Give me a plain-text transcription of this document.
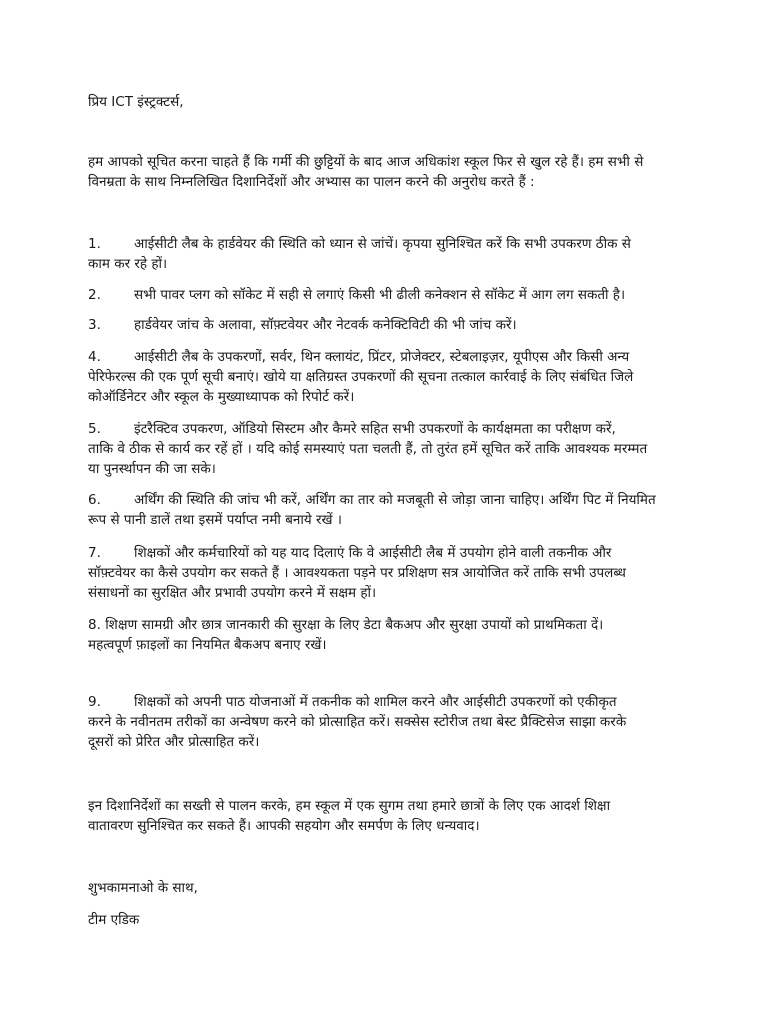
प्रिय ICT इंस्ट्रक्टर्स,
हम आपको सूचित करना चाहते हैं कि गर्मी की छुट्टियों के बाद आज अधिकांश स्कूल फिर से खुल रहे हैं। हम सभी से
विनम्रता के साथ निम्नलिखित दिशानिर्देशों और अभ्यास का पालन करने की अनुरोध करते हैं :
1. आईसीटी लैब के हार्डवेयर की स्थिति को ध्यान से जांचें। कृपया सुनिश्चित करें कि सभी उपकरण ठीक से
काम कर रहे हों।
2. सभी पावर प्लग को सॉकेट में सही से लगाएं किसी भी ढीली कनेक्शन से सॉकेट में आग लग सकती है।
3. हार्डवेयर जांच के अलावा, सॉफ़्टवेयर और नेटवर्क कनेक्टिविटी की भी जांच करें।
4. आईसीटी लैब के उपकरणों, सर्वर, थिन क्लायंट, प्रिंटर, प्रोजेक्टर, स्टेबलाइज़र, यूपीएस और किसी अन्य
पेरिफेरल्स की एक पूर्ण सूची बनाएं। खोये या क्षतिग्रस्त उपकरणों की सूचना तत्काल कार्रवाई के लिए संबंधित जिले
कोऑर्डिनेटर और स्कूल के मुख्याध्यापक को रिपोर्ट करें।
5. इंटरैक्टिव उपकरण, ऑडियो सिस्टम और कैमरे सहित सभी उपकरणों के कार्यक्षमता का परीक्षण करें,
ताकि वे ठीक से कार्य कर रहें हों । यदि कोई समस्याएं पता चलती हैं, तो तुरंत हमें सूचित करें ताकि आवश्यक मरम्मत
या पुनर्स्थापन की जा सके।
6. अर्थिंग की स्थिति की जांच भी करें, अर्थिंग का तार को मजबूती से जोड़ा जाना चाहिए। अर्थिंग पिट में नियमित
रूप से पानी डालें तथा इसमें पर्याप्त नमी बनाये रखें ।
7. शिक्षकों और कर्मचारियों को यह याद दिलाएं कि वे आईसीटी लैब में उपयोग होने वाली तकनीक और
सॉफ़्टवेयर का कैसे उपयोग कर सकते हैं । आवश्यकता पड़ने पर प्रशिक्षण सत्र आयोजित करें ताकि सभी उपलब्ध
संसाधनों का सुरक्षित और प्रभावी उपयोग करने में सक्षम हों।
8. शिक्षण सामग्री और छात्र जानकारी की सुरक्षा के लिए डेटा बैकअप और सुरक्षा उपायों को प्राथमिकता दें।
महत्वपूर्ण फ़ाइलों का नियमित बैकअप बनाए रखें।
9. शिक्षकों को अपनी पाठ योजनाओं में तकनीक को शामिल करने और आईसीटी उपकरणों को एकीकृत
करने के नवीनतम तरीकों का अन्वेषण करने को प्रोत्साहित करें। सक्सेस स्टोरीज तथा बेस्ट प्रैक्टिसेज साझा करके
दूसरों को प्रेरित और प्रोत्साहित करें।
इन दिशानिर्देशों का सख्ती से पालन करके, हम स्कूल में एक सुगम तथा हमारे छात्रों के लिए एक आदर्श शिक्षा
वातावरण सुनिश्चित कर सकते हैं। आपकी सहयोग और समर्पण के लिए धन्यवाद।
शुभकामनाओ के साथ,
टीम एडिक
